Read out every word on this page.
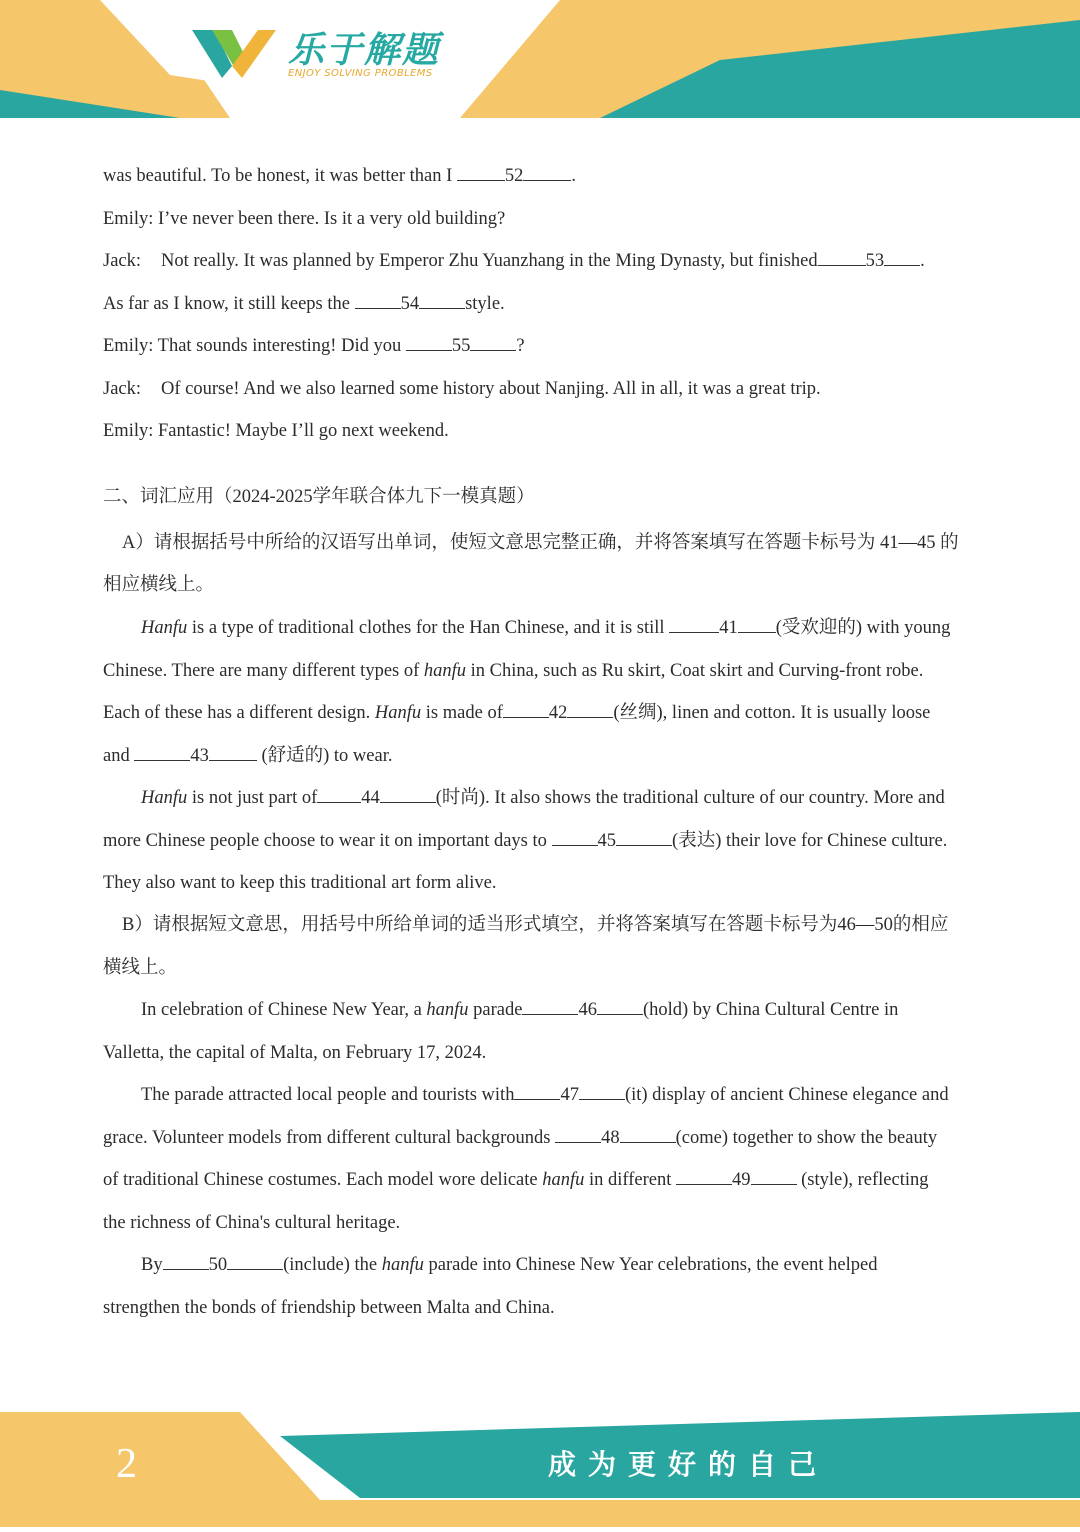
乐于解题
ENJOY SOLVING PROBLEMS
was beautiful. To be honest, it was better than I	52	.
Emily: I’ve never been there. Is it a very old building?
Jack: Not really. It was planned by Emperor Zhu Yuanzhang in the Ming Dynasty, but finished	53 .
As far as I know, it still keeps the 54 style.
Emily: That sounds interesting! Did you 55 ?
Jack: Of course! And we also learned some history about Nanjing. All in all, it was a great trip.
Emily: Fantastic! Maybe I’ll go next weekend.
二、词汇应用（2024-2025学年联合体九下一模真题）
A）请根据括号中所给的汉语写出单词，使短文意思完整正确，并将答案填写在答题卡标号为 41—45 的
相应横线上。
Hanfu is a type of traditional clothes for the Han Chinese, and it is still	41 (受欢迎的) with young
Chinese. There are many different types of hanfu in China, such as Ru skirt, Coat skirt and Curving-front robe.
Each of these has a different design. Hanfu is made of 42 (丝绸), linen and cotton. It is usually loose
and	43	(舒适的) to wear.
Hanfu is not just part of 44	(时尚). It also shows the traditional culture of our country. More and
more Chinese people choose to wear it on important days to 45	(表达) their love for Chinese culture.
They also want to keep this traditional art form alive.
B）请根据短文意思，用括号中所给单词的适当形式填空，并将答案填写在答题卡标号为46—50的相应
横线上。
In celebration of Chinese New Year, a hanfu parade	46 (hold) by China Cultural Centre in
Valletta, the capital of Malta, on February 17, 2024.
The parade attracted local people and tourists with 47 (it) display of ancient Chinese elegance and
grace. Volunteer models from different cultural backgrounds 48	(come) together to show the beauty
of traditional Chinese costumes. Each model wore delicate hanfu in different	49 (style), reflecting
the richness of China's cultural heritage.
By 50	(include) the hanfu parade into Chinese New Year celebrations, the event helped
strengthen the bonds of friendship between Malta and China.
2	成为更好的自己
